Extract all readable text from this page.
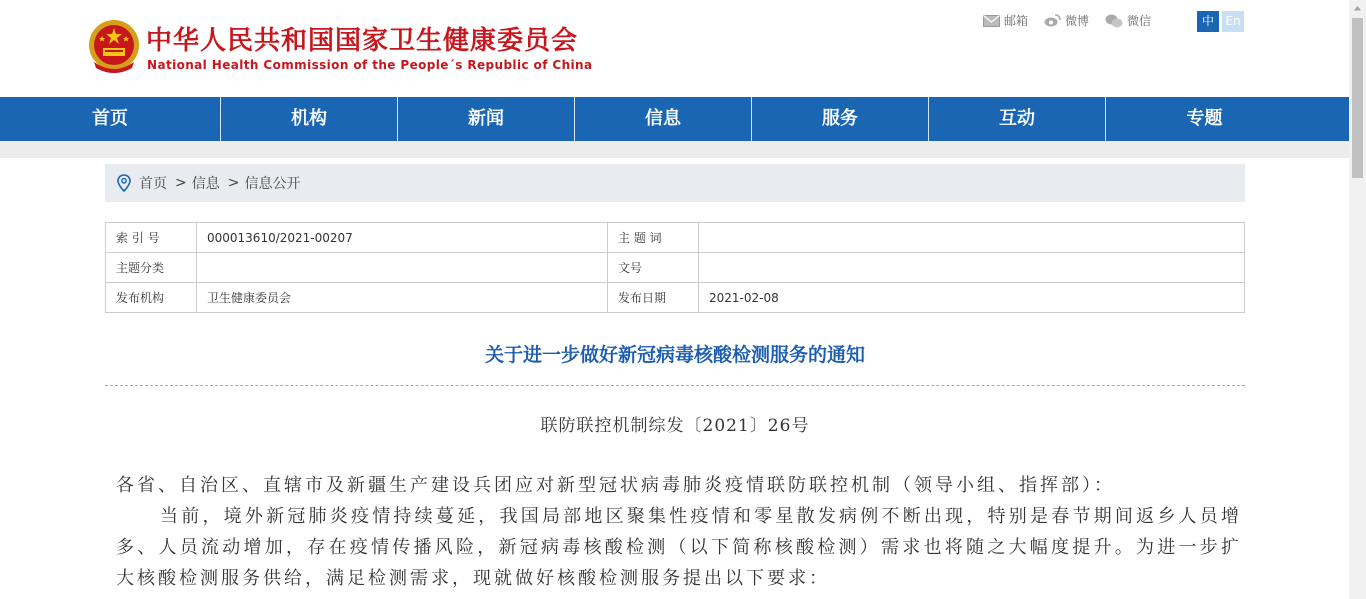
中华人民共和国国家卫生健康委员会
National Health Commission of the People´s Republic of China
邮箱	微博	微信	中 En
首页	机构	新闻	信息	服务	互动	专题
首页 > 信息 > 信息公开
索 引 号	000013610/2021-00207	主 题 词	
主题分类		文号	
发布机构	卫生健康委员会	发布日期	2021-02-08
关于进一步做好新冠病毒核酸检测服务的通知
联防联控机制综发〔2021〕26号

各省、自治区、直辖市及新疆生产建设兵团应对新型冠状病毒肺炎疫情联防联控机制（领导小组、指挥部）：

当前，境外新冠肺炎疫情持续蔓延，我国局部地区聚集性疫情和零星散发病例不断出现，特别是春节期间返乡人员增多、人员流动增加，存在疫情传播风险，新冠病毒核酸检测（以下简称核酸检测）需求也将随之大幅度提升。为进一步扩大核酸检测服务供给，满足检测需求，现就做好核酸检测服务提出以下要求：
